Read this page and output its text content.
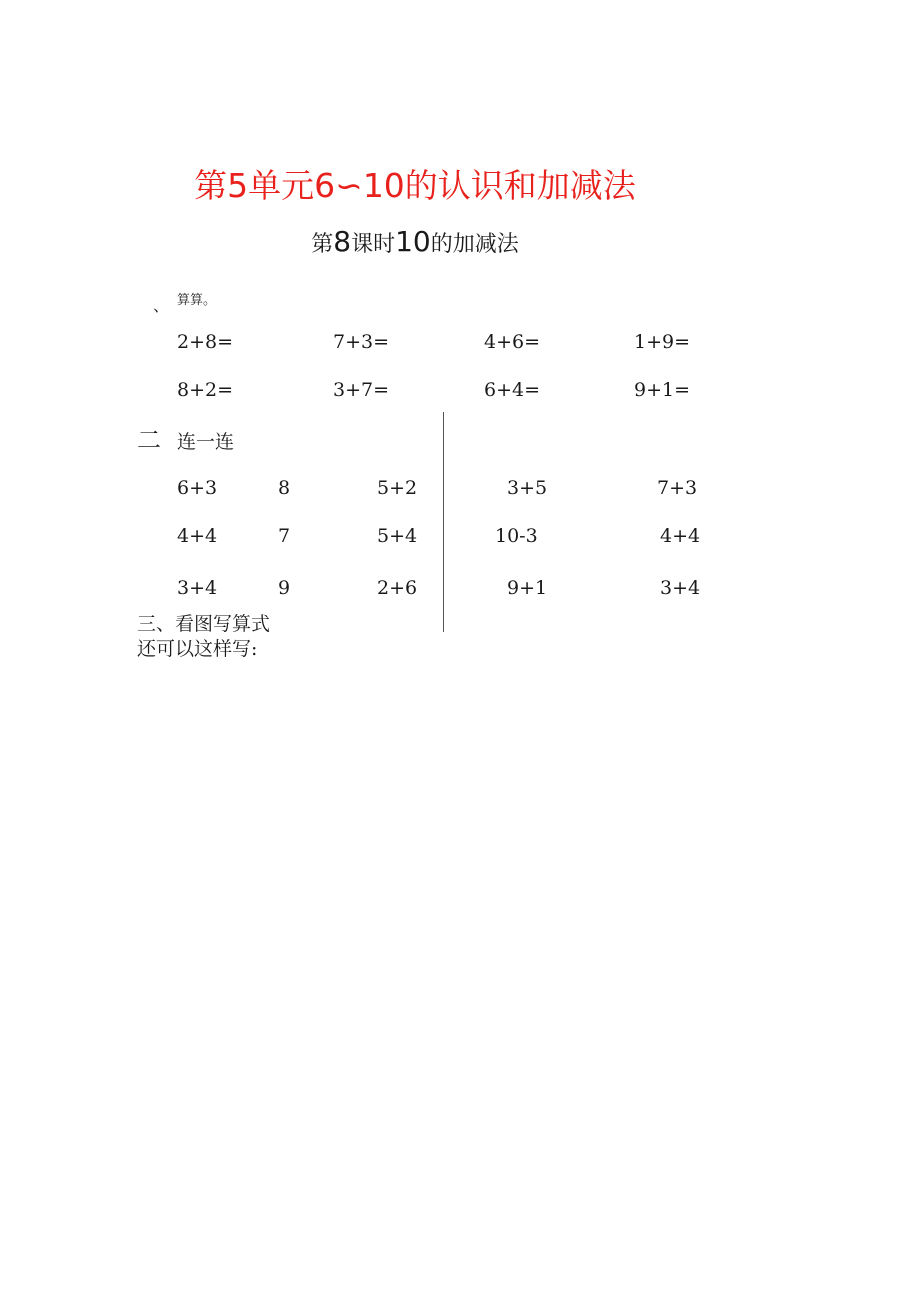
第5单元6∽10的认识和加减法
第8课时10的加减法
、 算算。
2+8=	7+3=	4+6=	1+9=
8+2=	3+7=	6+4=	9+1=
二 连一连
6+3	8	5+2	3+5	7+3
4+4	7	5+4	10-3	4+4
3+4	9	2+6	9+1	3+4
三、看图写算式
还可以这样写:
